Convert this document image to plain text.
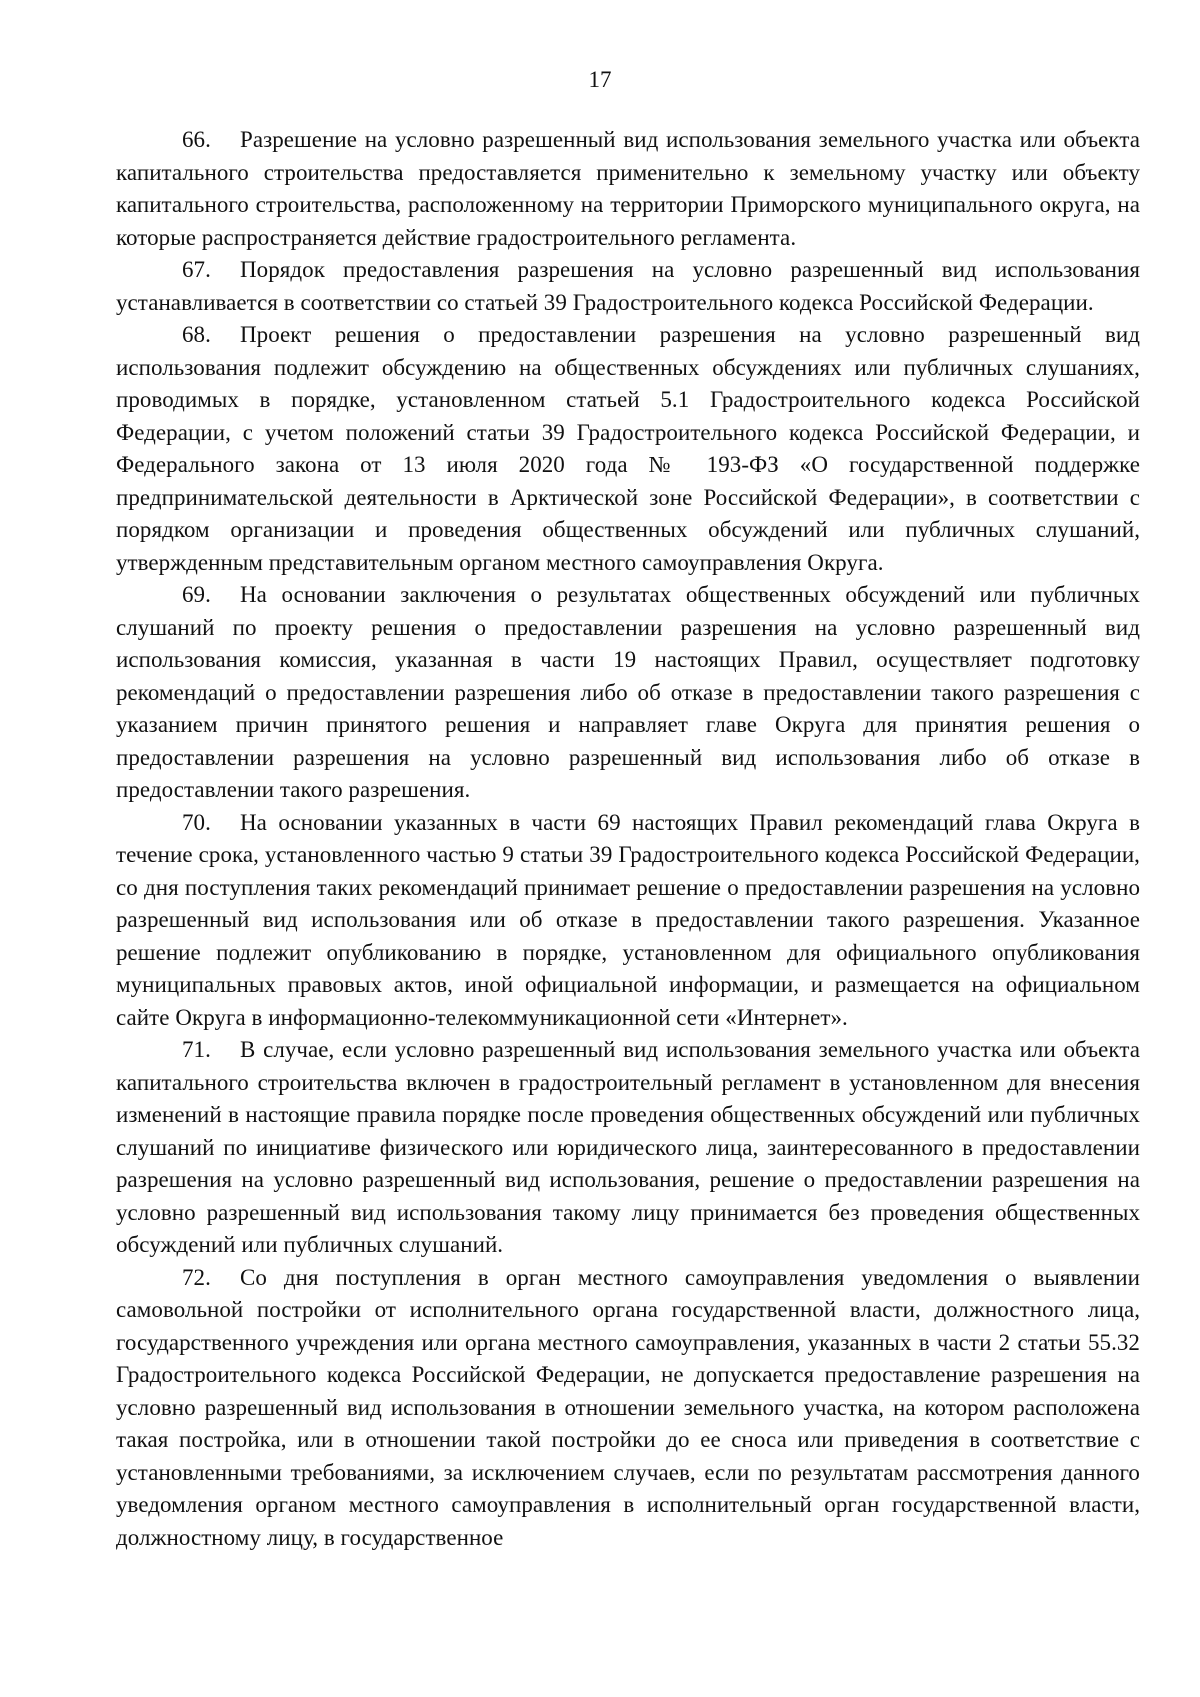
17

66. Разрешение на условно разрешенный вид использования земельного участка или объекта капитального строительства предоставляется применительно к земельному участку или объекту капитального строительства, расположенному на территории Приморского муниципального округа, на которые распространяется действие градостроительного регламента.

67. Порядок предоставления разрешения на условно разрешенный вид использования устанавливается в соответствии со статьей 39 Градостроительного кодекса Российской Федерации.

68. Проект решения о предоставлении разрешения на условно разрешенный вид использования подлежит обсуждению на общественных обсуждениях или публичных слушаниях, проводимых в порядке, установленном статьей 5.1 Градостроительного кодекса Российской Федерации, с учетом положений статьи 39 Градостроительного кодекса Российской Федерации, и Федерального закона от 13 июля 2020 года № 193-ФЗ «О государственной поддержке предпринимательской деятельности в Арктической зоне Российской Федерации», в соответствии с порядком организации и проведения общественных обсуждений или публичных слушаний, утвержденным представительным органом местного самоуправления Округа.

69. На основании заключения о результатах общественных обсуждений или публичных слушаний по проекту решения о предоставлении разрешения на условно разрешенный вид использования комиссия, указанная в части 19 настоящих Правил, осуществляет подготовку рекомендаций о предоставлении разрешения либо об отказе в предоставлении такого разрешения с указанием причин принятого решения и направляет главе Округа для принятия решения о предоставлении разрешения на условно разрешенный вид использования либо об отказе в предоставлении такого разрешения.

70. На основании указанных в части 69 настоящих Правил рекомендаций глава Округа в течение срока, установленного частью 9 статьи 39 Градостроительного кодекса Российской Федерации, со дня поступления таких рекомендаций принимает решение о предоставлении разрешения на условно разрешенный вид использования или об отказе в предоставлении такого разрешения. Указанное решение подлежит опубликованию в порядке, установленном для официального опубликования муниципальных правовых актов, иной официальной информации, и размещается на официальном сайте Округа в информационно-телекоммуникационной сети «Интернет».

71. В случае, если условно разрешенный вид использования земельного участка или объекта капитального строительства включен в градостроительный регламент в установленном для внесения изменений в настоящие правила порядке после проведения общественных обсуждений или публичных слушаний по инициативе физического или юридического лица, заинтересованного в предоставлении разрешения на условно разрешенный вид использования, решение о предоставлении разрешения на условно разрешенный вид использования такому лицу принимается без проведения общественных обсуждений или публичных слушаний.

72. Со дня поступления в орган местного самоуправления уведомления о выявлении самовольной постройки от исполнительного органа государственной власти, должностного лица, государственного учреждения или органа местного самоуправления, указанных в части 2 статьи 55.32 Градостроительного кодекса Российской Федерации, не допускается предоставление разрешения на условно разрешенный вид использования в отношении земельного участка, на котором расположена такая постройка, или в отношении такой постройки до ее сноса или приведения в соответствие с установленными требованиями, за исключением случаев, если по результатам рассмотрения данного уведомления органом местного самоуправления в исполнительный орган государственной власти, должностному лицу, в государственное
